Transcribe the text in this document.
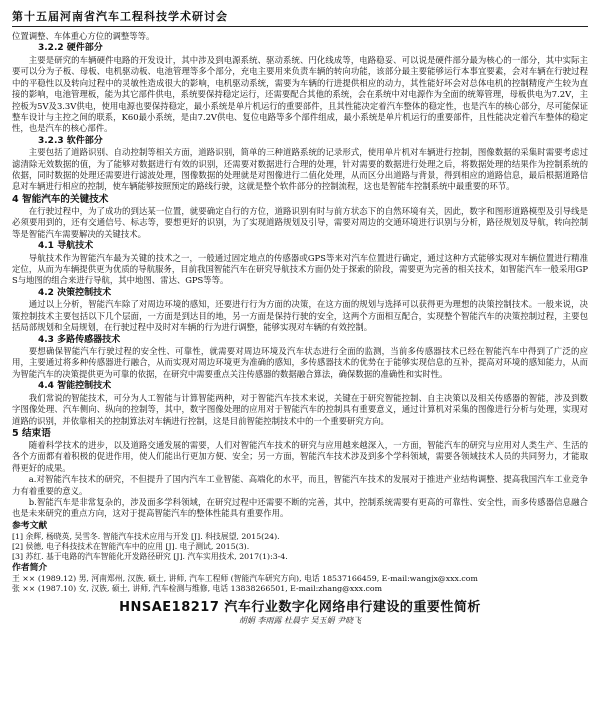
第十五届河南省汽车工程科技学术研讨会

位置调整、车体重心方位的调整等等。

3.2.2 硬件部分

主要是研究的车辆硬件电路的开发设计，其中涉及到电源系统、驱动系统、円化线成等，电路稳妥、可以说是硬件部分最为核心的一部分，其中实际主要可以分为子板、母板、电机驱动板、电池管理等多个部分，充电主要用来负责车辆的转向功能，该部分最主要能够运行本事宜要素，会对车辆在行驶过程中的平稳性以及转向过程中的灵敏性造成很大的影响，电机驱动系统，需要为车辆的行进提供相应的动力，其性能好坏会对总体电机的控制精度产生较为直接的影响，电池管理板，能为其它部件供电，系统要保持稳定运行，还需要配合其他的系统，会在系统中对电源作为全面的统筹管理，母板供电为7.2V，主控板为5V及3.3V供电，使用电源也要保持稳定，最小系统是单片机运行的重要部件，且其性能决定着汽车整体的稳定性，也是汽车的核心部分，尽可能保证整车设计与主控之间的联系，K60最小系统，是由7.2V供电、复位电路等多个部件组成，最小系统是单片机运行的重要部件，且性能决定着汽车整体的稳定性，也是汽车的核心部件。

3.2.3 软件部分

主要包括了道路识别、自动控制等相关方面，道路识别，简单的三种道路系统的记录形式，使用单片机对车辆进行控制，图像数据的采集时需要考虑过滤清除无效数据的值，为了能够对数据进行有效的识别，还需要对数据进行合理的处理，针对需要的数据进行处理之后，将数据处理的结果作为控制系统的依据，同时数据的处理还需要进行滤波处理，图像数据的处理就是对图像进行二值化处理，从而区分出道路与背景，得到相应的道路信息，最后根据道路信息对车辆进行相应的控制，使车辆能够按照预定的路线行驶，这就是整个软件部分的控制流程，这也是智能车控制系统中最重要的环节。

4 智能汽车的关键技术

在行驶过程中，为了成功的到达某一位置，就要确定自行的方位，道路识别有时与前方状态下的自然环境有关，因此，数字和图形道路模型及引导线是必须要用到的，还有交通信号、标志等，要想更好的识别，为了实现道路规划及引导，需要对周边的交通环境进行识别与分析，路径规划及导航，转向控制等是智能汽车需要解决的关键技术。

4.1 导航技术

导航技术作为智能汽车最为关键的技术之一，一般通过固定地点的传感器或GPS等来对汽车位置进行确定，通过这种方式能够实现对车辆位置进行精准定位，从而为车辆提供更为优质的导航服务，目前我国智能汽车在研究导航技术方面仍处于探索的阶段，需要更为完善的相关技术，如智能汽车一般采用GPS与地图的组合来进行导航，其中地图、雷达、GPS等等。

4.2 决策控制技术

通过以上分析，智能汽车除了对周边环境的感知，还要进行行为方面的决策，在这方面的规划与选择可以获得更为理想的决策控制技术。一般来说，决策控制技术主要包括以下几个层面，一方面是到达目的地，另一方面是保持行驶的安全，这两个方面相互配合，实现整个智能汽车的决策控制过程，主要包括局部规划和全局规划，在行驶过程中及时对车辆的行为进行调整，能够实现对车辆的有效控制。

4.3 多路传感器技术

要想确保智能汽车行驶过程的安全性、可靠性，就需要对周边环境及汽车状态进行全面的监测，当前多传感器技术已经在智能汽车中得到了广泛的应用，主要通过将多种传感器进行融合，从而实现对周边环境更为准确的感知，多传感器技术的优势在于能够实现信息的互补，提高对环境的感知能力，从而为智能汽车的决策提供更为可靠的依据，在研究中需要重点关注传感器的数据融合算法，确保数据的准确性和实时性。

4.4 智能控制技术

我们常说的智能技术，可分为人工智能与计算智能两种，对于智能汽车技术来说，关键在于研究智能控制、自主决策以及相关传感器的智能，涉及到数字图像处理、汽车侧向、纵向的控制等，其中，数字图像处理的应用对于智能汽车的控制具有重要意义，通过计算机对采集的图像进行分析与处理，实现对道路的识别，并依靠相关的控制算法对车辆进行控制，这是目前智能控制技术中的一个重要研究方向。

5 结束语

随着科学技术的进步，以及道路交通发展的需要，人们对智能汽车技术的研究与应用越来越深入，一方面，智能汽车的研究与应用对人类生产、生活的各个方面都有着积极的促进作用，使人们能出行更加方便、安全；另一方面，智能汽车技术涉及到多个学科领域，需要各领域技术人员的共同努力，才能取得更好的成果。

a.对智能汽车技术的研究，不但提升了国内汽车工业智能、高端化的水平，而且，智能汽车技术的发展对于推进产业结构调整、提高我国汽车工业竞争力有着重要的意义。

b.智能汽车是非常复杂的，涉及面多学科领域，在研究过程中还需要不断的完善，其中，控制系统需要有更高的可靠性、安全性，而多传感器信息融合也是未来研究的重点方向，这对于提高智能汽车的整体性能具有重要作用。

参考文献

[1] 余辉, 杨晓英, 吴雪冬. 智能汽车技术应用与开发 [J]. 科技展望, 2015(24).

[2] 侯德, 电子科技技术在智能汽车中的应用 [J]. 电子测试, 2015(3).

[3] 苏红. 基于电路的汽车智能化开发路径研究 [J]. 汽车实用技术, 2017(1):3-4.

作者简介

王 ×× (1989.12) 男, 河南郑州, 汉族, 硕士, 讲师, 汽车工程师 (智能汽车研究方向), 电话 18537166459, E-mail:wangjx@xxx.com

张 ×× (1987.10) 女, 汉族, 硕士, 讲师, 汽车检测与维修, 电话 13838266501, E-mail:zhang@xxx.com

HNSAE18217 汽车行业数字化网络串行建设的重要性简析
胡娟 李雨露 杜晨宇 吴玉娟 尹晓飞
